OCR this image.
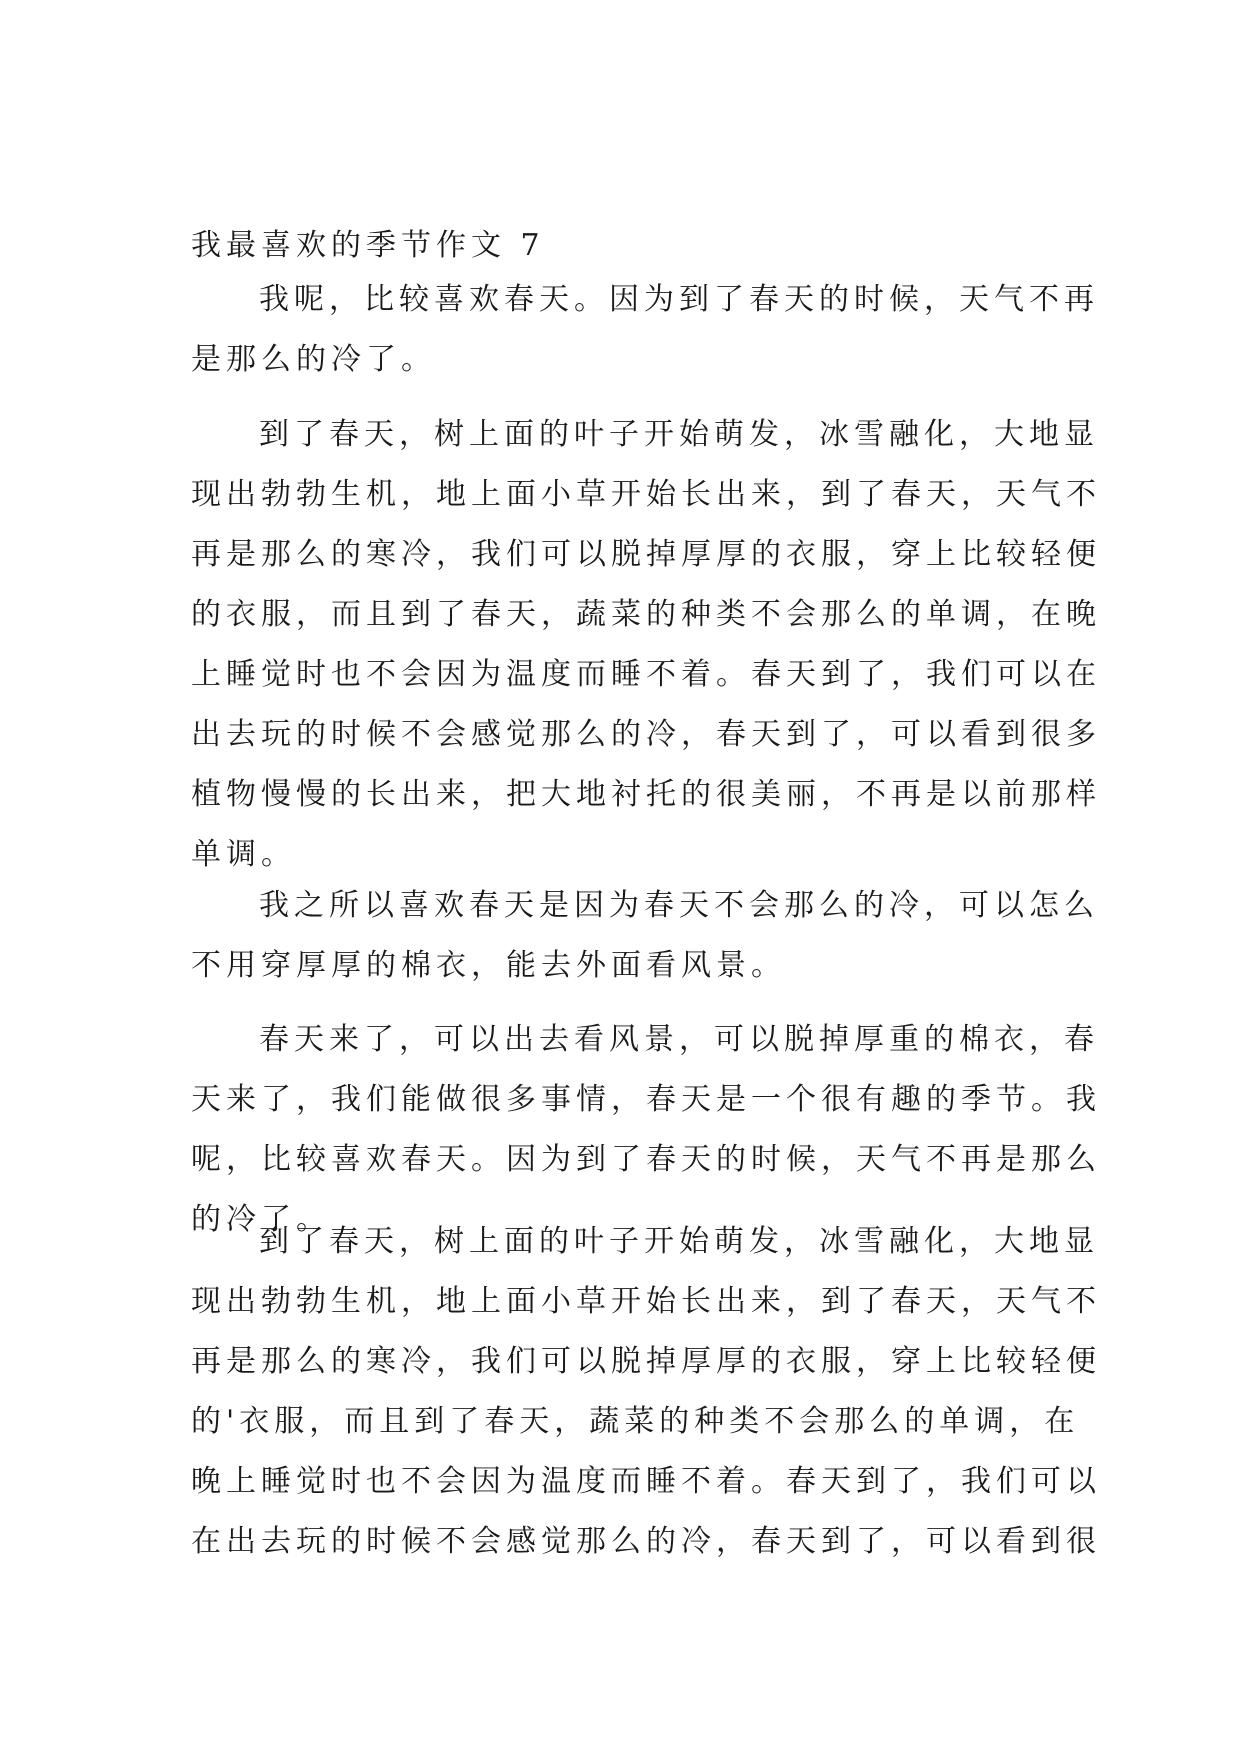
我最喜欢的季节作文 7
我呢，比较喜欢春天。因为到了春天的时候，天气不再
是那么的冷了。
到了春天，树上面的叶子开始萌发，冰雪融化，大地显
现出勃勃生机，地上面小草开始长出来，到了春天，天气不
再是那么的寒冷，我们可以脱掉厚厚的衣服，穿上比较轻便
的衣服，而且到了春天，蔬菜的种类不会那么的单调，在晚
上睡觉时也不会因为温度而睡不着。春天到了，我们可以在
出去玩的时候不会感觉那么的冷，春天到了，可以看到很多
植物慢慢的长出来，把大地衬托的很美丽，不再是以前那样
单调。
我之所以喜欢春天是因为春天不会那么的冷，可以怎么
不用穿厚厚的棉衣，能去外面看风景。
春天来了，可以出去看风景，可以脱掉厚重的棉衣，春
天来了，我们能做很多事情，春天是一个很有趣的季节。我
呢，比较喜欢春天。因为到了春天的时候，天气不再是那么
的冷了。
到了春天，树上面的叶子开始萌发，冰雪融化，大地显
现出勃勃生机，地上面小草开始长出来，到了春天，天气不
再是那么的寒冷，我们可以脱掉厚厚的衣服，穿上比较轻便
的'衣服，而且到了春天，蔬菜的种类不会那么的单调，在
晚上睡觉时也不会因为温度而睡不着。春天到了，我们可以
在出去玩的时候不会感觉那么的冷，春天到了，可以看到很
